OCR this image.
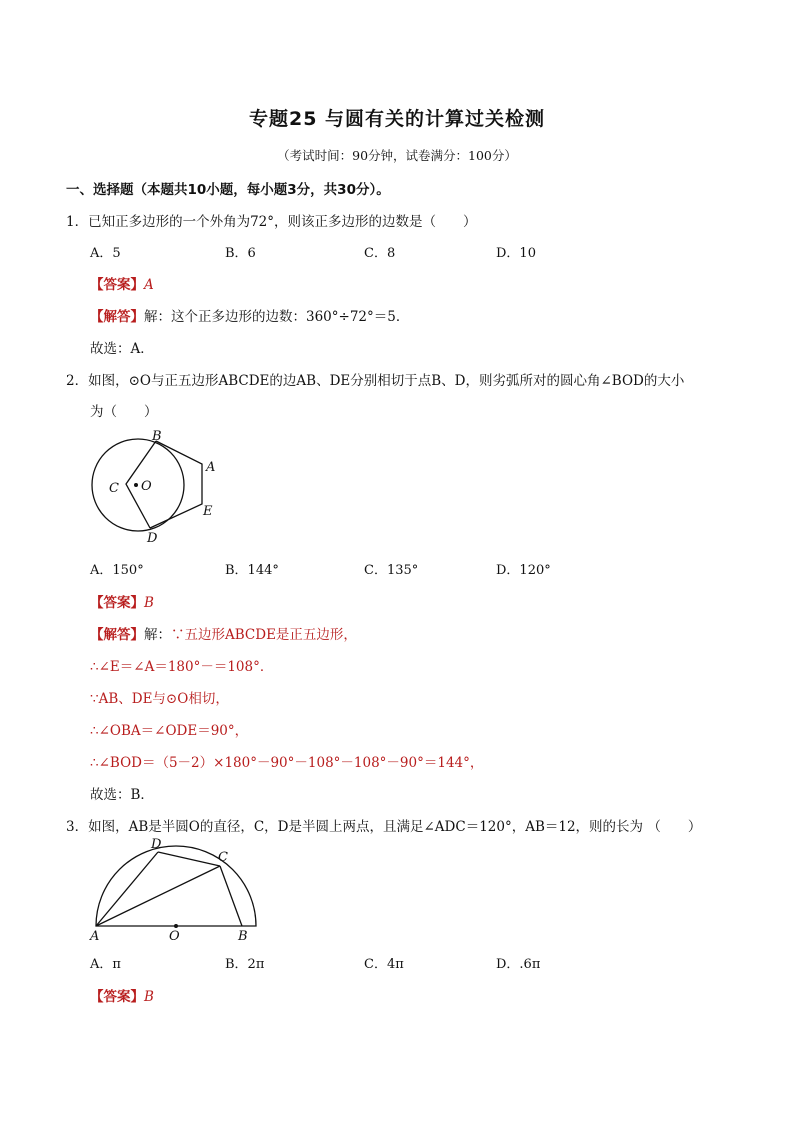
专题25 与圆有关的计算过关检测
（考试时间：90分钟，试卷满分：100分）
一、选择题（本题共10小题，每小题3分，共30分）。
1．已知正多边形的一个外角为72°，则该正多边形的边数是（　　）
A．5	B．6	C．8	D．10
【答案】A
【解答】解：这个正多边形的边数：360°÷72°＝5．
故选：A．
2．如图，⊙O与正五边形ABCDE的边AB、DE分别相切于点B、D，则劣弧所对的圆心角∠BOD的大小
为（　　）
B
A
C O
E
D
A．150°	B．144°	C．135°	D．120°
【答案】B
【解答】解：∵五边形ABCDE是正五边形，
∴∠E＝∠A＝180°－＝108°．
∵AB、DE与⊙O相切，
∴∠OBA＝∠ODE＝90°，
∴∠BOD＝（5－2）×180°－90°－108°－108°－90°＝144°，
故选：B．
3．如图，AB是半圆O的直径，C，D是半圆上两点，且满足∠ADC＝120°，AB＝12，则的长为 （　　）
D
C
A	O	B
A．π	B．2π	C．4π	D．.6π
【答案】B
